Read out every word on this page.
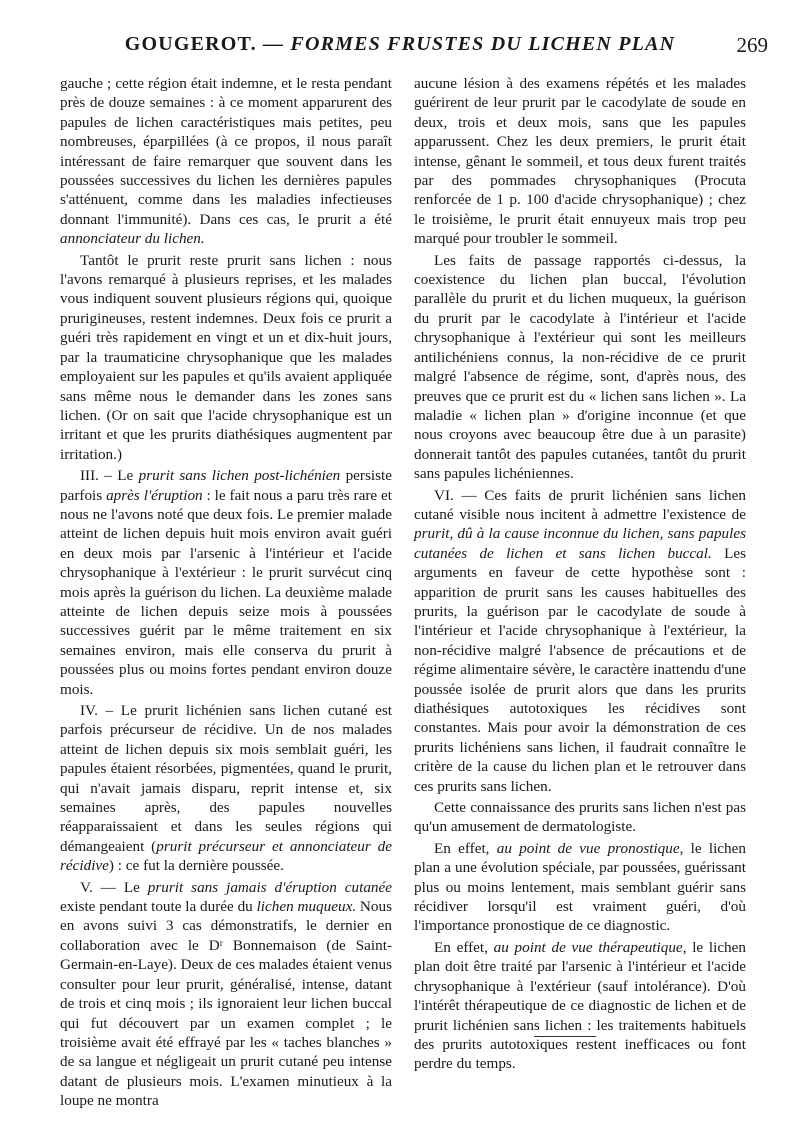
GOUGEROT. — FORMES FRUSTES DU LICHEN PLAN	269

gauche ; cette région était indemne, et le resta pendant près de douze semaines : à ce moment apparurent des papules de lichen caractéristiques mais petites, peu nombreuses, éparpillées (à ce propos, il nous paraît intéressant de faire remarquer que souvent dans les poussées successives du lichen les dernières papules s'atténuent, comme dans les maladies infectieuses donnant l'immunité). Dans ces cas, le prurit a été annonciateur du lichen.

Tantôt le prurit reste prurit sans lichen : nous l'avons remarqué à plusieurs reprises, et les malades vous indiquent souvent plusieurs régions qui, quoique prurigineuses, restent indemnes. Deux fois ce prurit a guéri très rapidement en vingt et un et dix-huit jours, par la traumaticine chrysophanique que les malades employaient sur les papules et qu'ils avaient appliquée sans même nous le demander dans les zones sans lichen. (Or on sait que l'acide chrysophanique est un irritant et que les prurits diathésiques augmentent par irritation.)

III. – Le prurit sans lichen post-lichénien persiste parfois après l'éruption : le fait nous a paru très rare et nous ne l'avons noté que deux fois. Le premier malade atteint de lichen depuis huit mois environ avait guéri en deux mois par l'arsenic à l'intérieur et l'acide chrysophanique à l'extérieur : le prurit survécut cinq mois après la guérison du lichen. La deuxième malade atteinte de lichen depuis seize mois à poussées successives guérit par le même traitement en six semaines environ, mais elle conserva du prurit à poussées plus ou moins fortes pendant environ douze mois.

IV. – Le prurit lichénien sans lichen cutané est parfois précurseur de récidive. Un de nos malades atteint de lichen depuis six mois semblait guéri, les papules étaient résorbées, pigmentées, quand le prurit, qui n'avait jamais disparu, reprit intense et, six semaines après, des papules nouvelles réapparaissaient et dans les seules régions qui démangeaient (prurit précurseur et annonciateur de récidive) : ce fut la dernière poussée.

V. — Le prurit sans jamais d'éruption cutanée existe pendant toute la durée du lichen muqueux. Nous en avons suivi 3 cas démonstratifs, le dernier en collaboration avec le Dʳ Bonnemaison (de Saint-Germain-en-Laye). Deux de ces malades étaient venus consulter pour leur prurit, généralisé, intense, datant de trois et cinq mois ; ils ignoraient leur lichen buccal qui fut découvert par un examen complet ; le troisième avait été effrayé par les « taches blanches » de sa langue et négligeait un prurit cutané peu intense datant de plusieurs mois. L'examen minutieux à la loupe ne montra

aucune lésion à des examens répétés et les malades guérirent de leur prurit par le cacodylate de soude en deux, trois et deux mois, sans que les papules apparussent. Chez les deux premiers, le prurit était intense, gênant le sommeil, et tous deux furent traités par des pommades chrysophaniques (Procuta renforcée de 1 p. 100 d'acide chrysophanique) ; chez le troisième, le prurit était ennuyeux mais trop peu marqué pour troubler le sommeil.

Les faits de passage rapportés ci-dessus, la coexistence du lichen plan buccal, l'évolution parallèle du prurit et du lichen muqueux, la guérison du prurit par le cacodylate à l'intérieur et l'acide chrysophanique à l'extérieur qui sont les meilleurs antilichéniens connus, la non-récidive de ce prurit malgré l'absence de régime, sont, d'après nous, des preuves que ce prurit est du « lichen sans lichen ». La maladie « lichen plan » d'origine inconnue (et que nous croyons avec beaucoup être due à un parasite) donnerait tantôt des papules cutanées, tantôt du prurit sans papules lichéniennes.

VI. — Ces faits de prurit lichénien sans lichen cutané visible nous incitent à admettre l'existence de prurit, dû à la cause inconnue du lichen, sans papules cutanées de lichen et sans lichen buccal. Les arguments en faveur de cette hypothèse sont : apparition de prurit sans les causes habituelles des prurits, la guérison par le cacodylate de soude à l'intérieur et l'acide chrysophanique à l'extérieur, la non-récidive malgré l'absence de précautions et de régime alimentaire sévère, le caractère inattendu d'une poussée isolée de prurit alors que dans les prurits diathésiques autotoxiques les récidives sont constantes. Mais pour avoir la démonstration de ces prurits lichéniens sans lichen, il faudrait connaître le critère de la cause du lichen plan et le retrouver dans ces prurits sans lichen.

Cette connaissance des prurits sans lichen n'est pas qu'un amusement de dermatologiste.

En effet, au point de vue pronostique, le lichen plan a une évolution spéciale, par poussées, guérissant plus ou moins lentement, mais semblant guérir sans récidiver lorsqu'il est vraiment guéri, d'où l'importance pronostique de ce diagnostic.

En effet, au point de vue thérapeutique, le lichen plan doit être traité par l'arsenic à l'intérieur et l'acide chrysophanique à l'extérieur (sauf intolérance). D'où l'intérêt thérapeutique de ce diagnostic de lichen et de prurit lichénien sans lichen : les traitements habituels des prurits autotoxiques restent inefficaces ou font perdre du temps.
